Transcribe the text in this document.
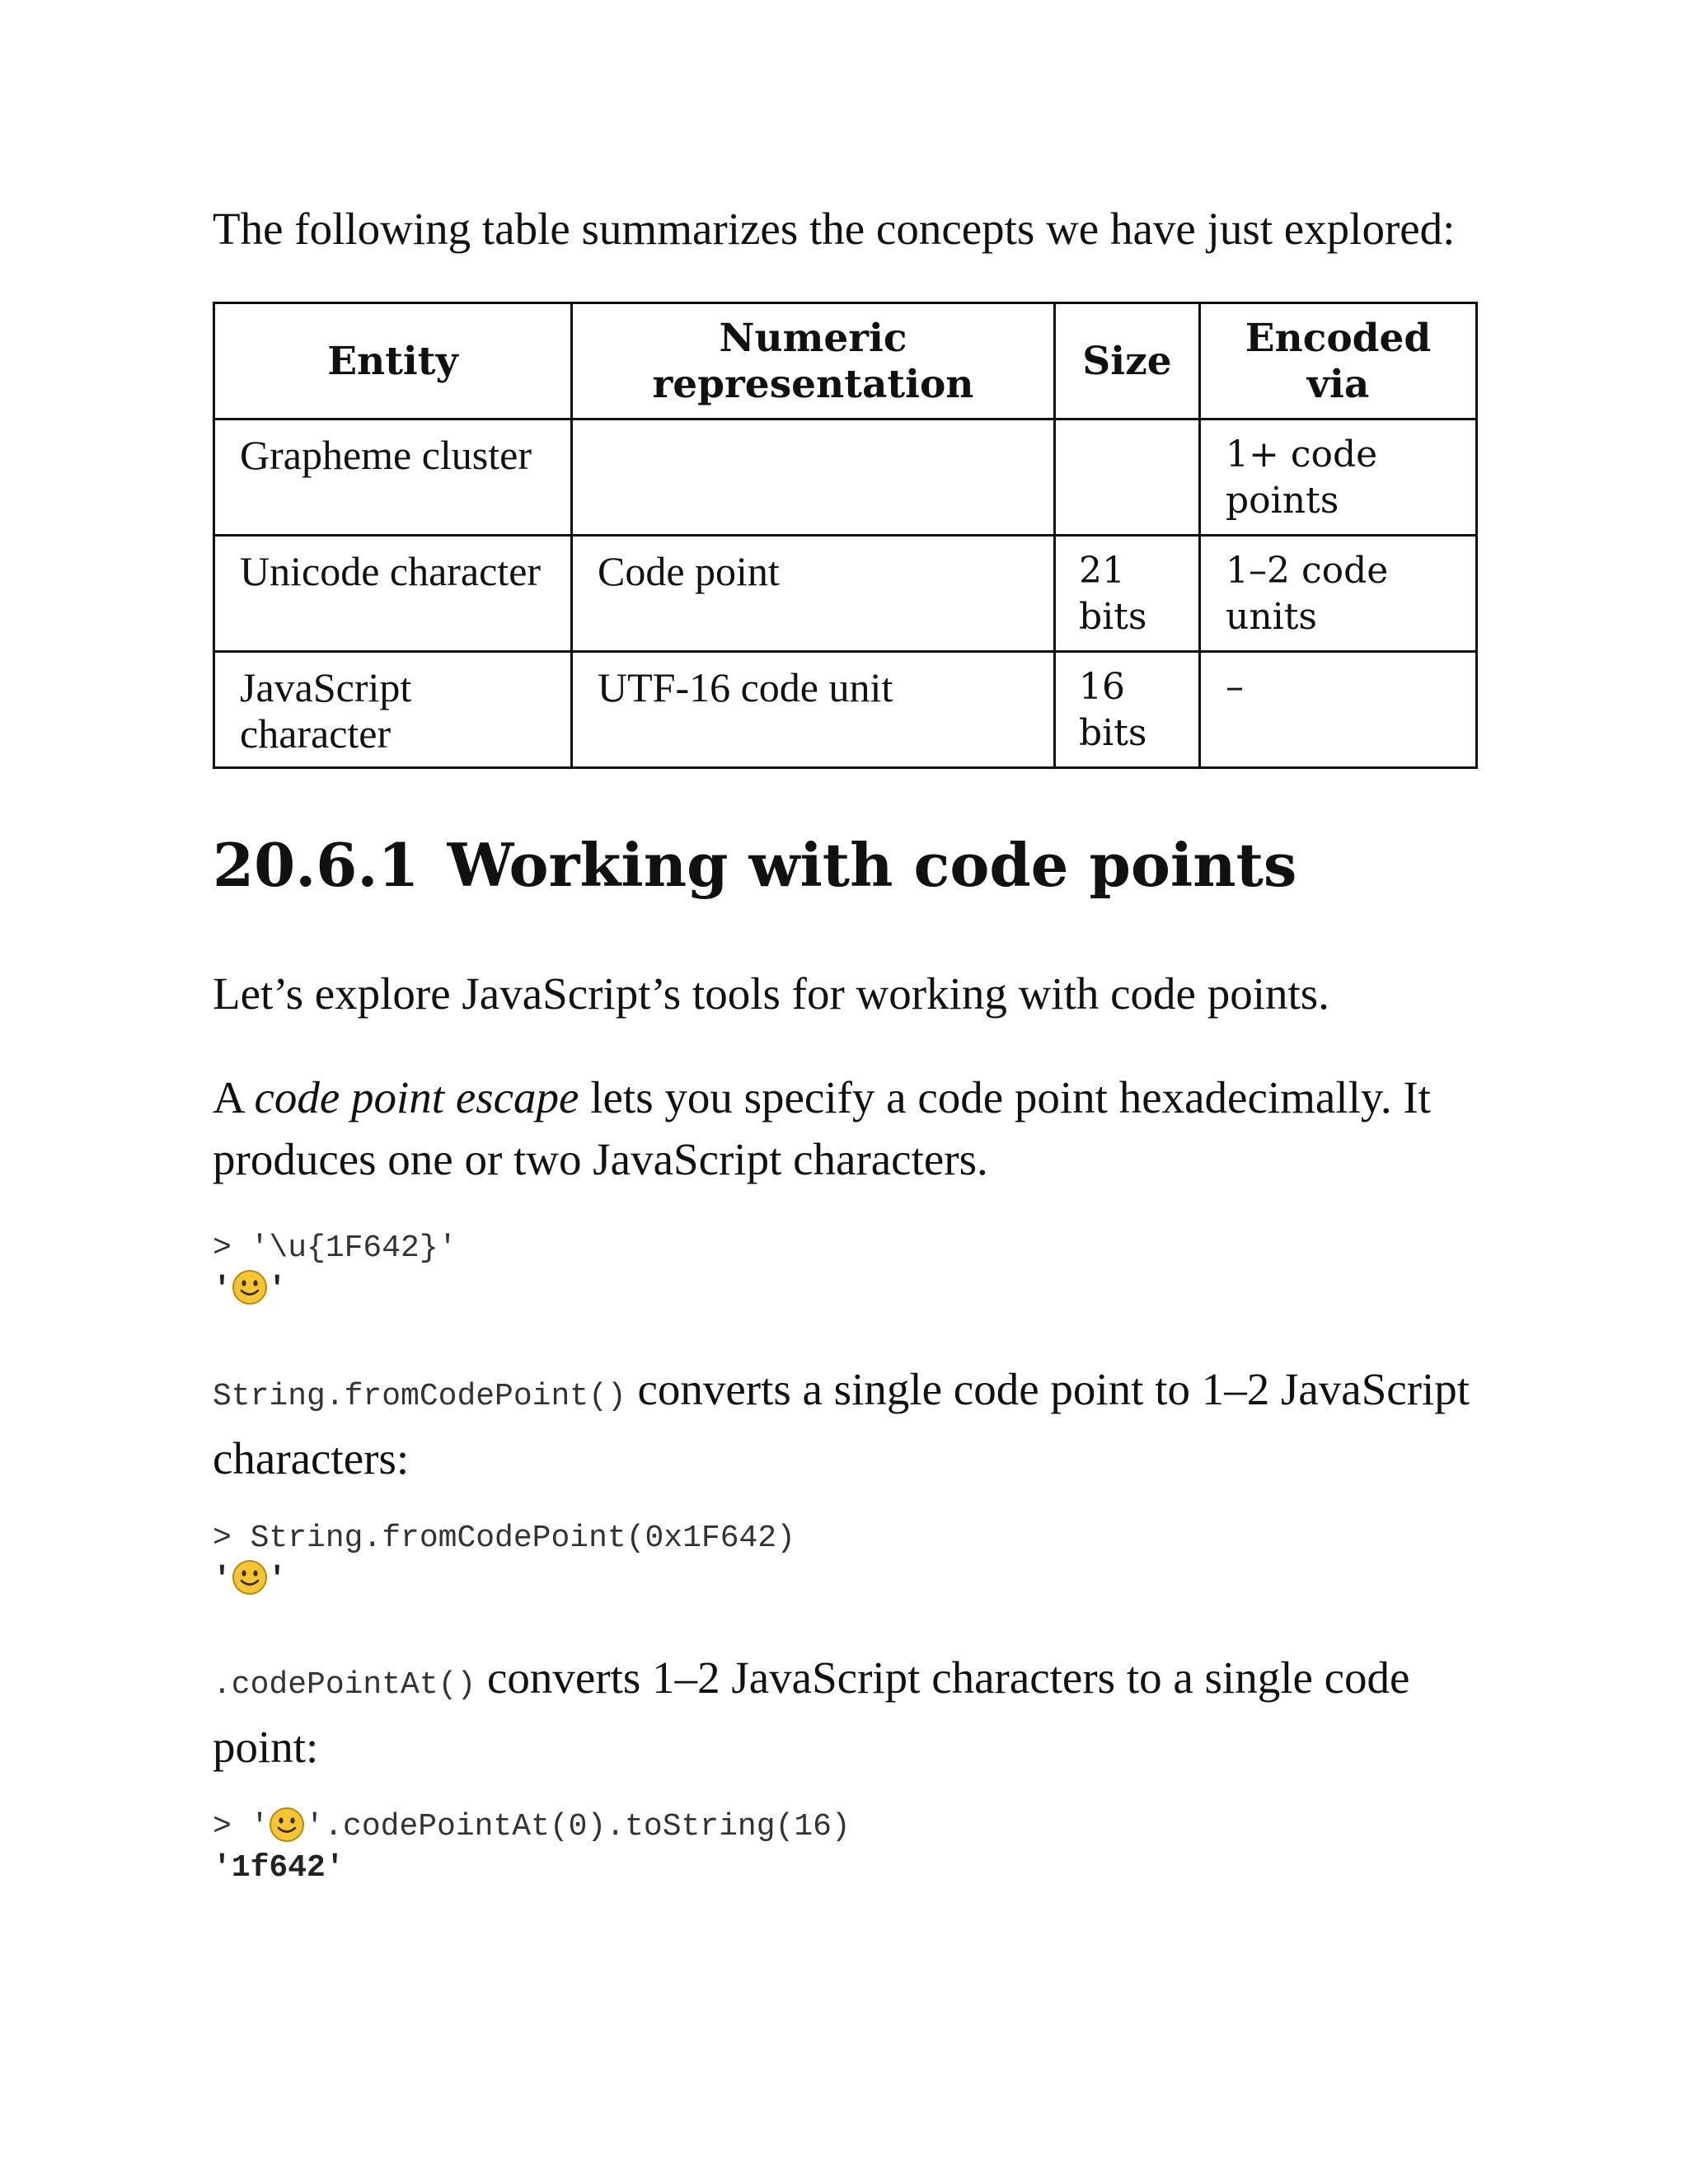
The following table summarizes the concepts we have just explored:

Entity	Numeric representation	Size	Encoded via
Grapheme cluster			1+ code points
Unicode character	Code point	21 bits	1–2 code units
JavaScript character	UTF-16 code unit	16 bits	–
20.6.1 Working with code points

Let’s explore JavaScript’s tools for working with code points.

A code point escape lets you specify a code point hexadecimally. It produces one or two JavaScript characters.

> '\u{1F642}'
' '

String.fromCodePoint() converts a single code point to 1–2 JavaScript characters:

> String.fromCodePoint(0x1F642)
' '

.codePointAt() converts 1–2 JavaScript characters to a single code point:

> ' '.codePointAt(0).toString(16)
'1f642'
